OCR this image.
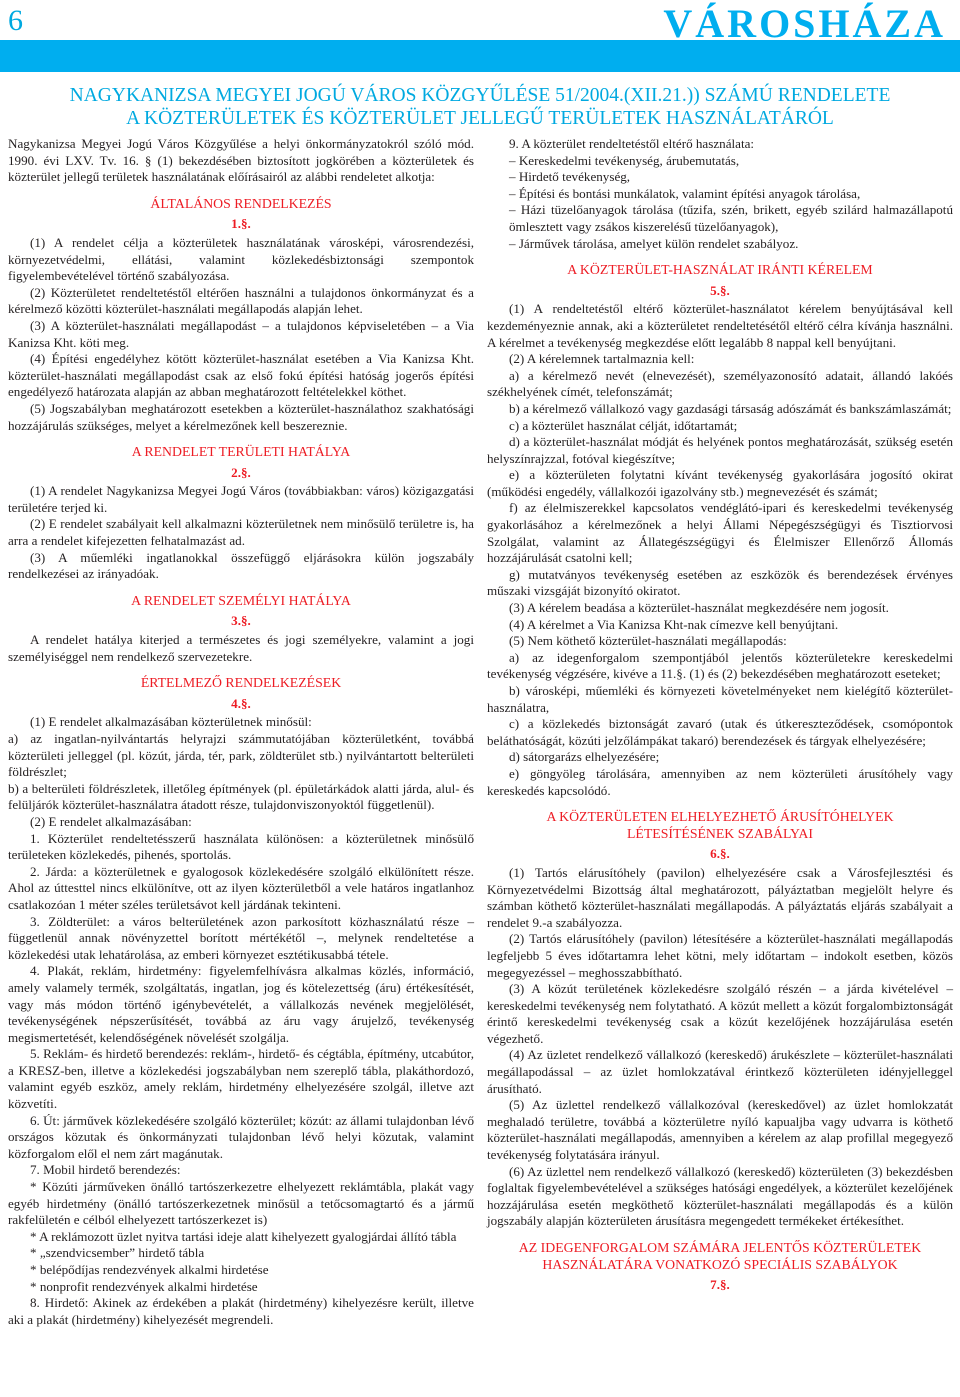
6	VÁROSHÁZA
NAGYKANIZSA MEGYEI JOGÚ VÁROS KÖZGYŰLÉSE 51/2004.(XII.21.)) SZÁMÚ RENDELETE
A KÖZTERÜLETEK ÉS KÖZTERÜLET JELLEGŰ TERÜLETEK HASZNÁLATÁRÓL

Nagykanizsa Megyei Jogú Város Közgyűlése a helyi önkormányzatokról szóló mód. 1990. évi LXV. Tv. 16. § (1) bekezdésében biztosított jogkörében a közterületek és közterület jellegű területek használatának előírásairól az alábbi rendeletet alkotja:

ÁLTALÁNOS RENDELKEZÉS
1.§.

(1) A rendelet célja a közterületek használatának városképi, városrendezési, környezetvédelmi, ellátási, valamint közlekedésbiztonsági szempontok figyelembevételével történő szabályozása.

(2) Közterületet rendeltetéstől eltérően használni a tulajdonos önkormányzat és a kérelmező közötti közterület-használati megállapodás alapján lehet.

(3) A közterület-használati megállapodást – a tulajdonos képviseletében – a Via Kanizsa Kht. köti meg.

(4) Építési engedélyhez kötött közterület-használat esetében a Via Kanizsa Kht. közterület-használati megállapodást csak az első fokú építési hatóság jogerős építési engedélyező határozata alapján az abban meghatározott feltételekkel köthet.

(5) Jogszabályban meghatározott esetekben a közterület-használathoz szakhatósági hozzájárulás szükséges, melyet a kérelmezőnek kell beszereznie.

A RENDELET TERÜLETI HATÁLYA
2.§.

(1) A rendelet Nagykanizsa Megyei Jogú Város (továbbiakban: város) közigazgatási területére terjed ki.

(2) E rendelet szabályait kell alkalmazni közterületnek nem minősülő területre is, ha arra a rendelet kifejezetten felhatalmazást ad.

(3) A műemléki ingatlanokkal összefüggő eljárásokra külön jogszabály rendelkezései az irányadóak.

A RENDELET SZEMÉLYI HATÁLYA
3.§.

A rendelet hatálya kiterjed a természetes és jogi személyekre, valamint a jogi személyiséggel nem rendelkező szervezetekre.

ÉRTELMEZŐ RENDELKEZÉSEK
4.§.

(1) E rendelet alkalmazásában közterületnek minősül:

a) az ingatlan-nyilvántartás helyrajzi számmutatójában közterületként, továbbá közterületi jelleggel (pl. közút, járda, tér, park, zöldterület stb.) nyilvántartott belterületi földrészlet;

b) a belterületi földrészletek, illetőleg építmények (pl. épületárkádok alatti járda, alul- és felüljárók közterület-használatra átadott része, tulajdonviszonyoktól függetlenül).

(2) E rendelet alkalmazásában:

1. Közterület rendeltetésszerű használata különösen: a közterületnek minősülő területeken közlekedés, pihenés, sportolás.

2. Járda: a közterületnek e gyalogosok közlekedésére szolgáló elkülönített része. Ahol az úttesttel nincs elkülönítve, ott az ilyen közterületből a vele határos ingatlanhoz csatlakozóan 1 méter széles területsávot kell járdának tekinteni.

3. Zöldterület: a város belterületének azon parkosított közhasználatú része – függetlenül annak növényzettel borított mértékétől –, melynek rendeltetése a közlekedési utak lehatárolása, az emberi környezet esztétikusabbá tétele.

4. Plakát, reklám, hirdetmény: figyelemfelhívásra alkalmas közlés, információ, amely valamely termék, szolgáltatás, ingatlan, jog és kötelezettség (áru) értékesítését, vagy más módon történő igénybevételét, a vállalkozás nevének megjelölését, tevékenységének népszerűsítését, továbbá az áru vagy árujelző, tevékenység megismertetését, kelendőségének növelését szolgálja.

5. Reklám- és hirdető berendezés: reklám-, hirdető- és cégtábla, építmény, utcabútor, a KRESZ-ben, illetve a közlekedési jogszabályban nem szereplő tábla, plakáthordozó, valamint egyéb eszköz, amely reklám, hirdetmény elhelyezésére szolgál, illetve azt közvetíti.

6. Út: járművek közlekedésére szolgáló közterület; közút: az állami tulajdonban lévő országos közutak és önkormányzati tulajdonban lévő helyi közutak, valamint közforgalom elől el nem zárt magánutak.

7. Mobil hirdető berendezés:

* Közúti járműveken önálló tartószerkezetre elhelyezett reklámtábla, plakát vagy egyéb hirdetmény (önálló tartószerkezetnek minősül a tetőcsomagtartó és a jármű rakfelületén e célból elhelyezett tartószerkezet is)

* A reklámozott üzlet nyitva tartási ideje alatt kihelyezett gyalogjárdai állító tábla

* „szendvicsember” hirdető tábla

* belépődíjas rendezvények alkalmi hirdetése

* nonprofit rendezvények alkalmi hirdetése

8. Hirdető: Akinek az érdekében a plakát (hirdetmény) kihelyezésre került, illetve aki a plakát (hirdetmény) kihelyezését megrendeli.

9. A közterület rendeltetéstől eltérő használata:

– Kereskedelmi tevékenység, árubemutatás,

– Hirdető tevékenység,

– Építési és bontási munkálatok, valamint építési anyagok tárolása,

– Házi tüzelőanyagok tárolása (tűzifa, szén, brikett, egyéb szilárd halmazállapotú ömlesztett vagy zsákos kiszerelésű tüzelőanyagok),

– Járművek tárolása, amelyet külön rendelet szabályoz.

A KÖZTERÜLET-HASZNÁLAT IRÁNTI KÉRELEM
5.§.

(1) A rendeltetéstől eltérő közterület-használatot kérelem benyújtásával kell kezdeményeznie annak, aki a közterületet rendeltetésétől eltérő célra kívánja használni. A kérelmet a tevékenység megkezdése előtt legalább 8 nappal kell benyújtani.

(2) A kérelemnek tartalmaznia kell:

a) a kérelmező nevét (elnevezését), személyazonosító adatait, állandó lakóés székhelyének címét, telefonszámát;

b) a kérelmező vállalkozó vagy gazdasági társaság adószámát és bankszámlaszámát;

c) a közterület használat célját, időtartamát;

d) a közterület-használat módját és helyének pontos meghatározását, szükség esetén helyszínrajzzal, fotóval kiegészítve;

e) a közterületen folytatni kívánt tevékenység gyakorlására jogosító okirat (működési engedély, vállalkozói igazolvány stb.) megnevezését és számát;

f) az élelmiszerekkel kapcsolatos vendéglátó-ipari és kereskedelmi tevékenység gyakorlásához a kérelmezőnek a helyi Állami Népegészségügyi és Tisztiorvosi Szolgálat, valamint az Állategészségügyi és Élelmiszer Ellenőrző Állomás hozzájárulását csatolni kell;

g) mutatványos tevékenység esetében az eszközök és berendezések érvényes műszaki vizsgáját bizonyító okiratot.

(3) A kérelem beadása a közterület-használat megkezdésére nem jogosít.

(4) A kérelmet a Via Kanizsa Kht-nak címezve kell benyújtani.

(5) Nem köthető közterület-használati megállapodás:

a) az idegenforgalom szempontjából jelentős közterületekre kereskedelmi tevékenység végzésére, kivéve a 11.§. (1) és (2) bekezdésében meghatározott eseteket;

b) városképi, műemléki és környezeti követelményeket nem kielégítő közterület-használatra,

c) a közlekedés biztonságát zavaró (utak és útkereszteződések, csomópontok beláthatóságát, közúti jelzőlámpákat takaró) berendezések és tárgyak elhelyezésére;

d) sátorgarázs elhelyezésére;

e) göngyöleg tárolására, amennyiben az nem közterületi árusítóhely vagy kereskedés kapcsolódó.

A KÖZTERÜLETEN ELHELYEZHETŐ ÁRUSÍTÓHELYEK
LÉTESÍTÉSÉNEK SZABÁLYAI
6.§.

(1) Tartós elárusítóhely (pavilon) elhelyezésére csak a Városfejlesztési és Környezetvédelmi Bizottság által meghatározott, pályáztatban megjelölt helyre és számban köthető közterület-használati megállapodás. A pályáztatás eljárás szabályait a rendelet 9.-a szabályozza.

(2) Tartós elárusítóhely (pavilon) létesítésére a közterület-használati megállapodás legfeljebb 5 éves időtartamra lehet kötni, mely időtartam – indokolt esetben, közös megegyezéssel – meghosszabbítható.

(3) A közút területének közlekedésre szolgáló részén – a járda kivételével – kereskedelmi tevékenység nem folytatható. A közút mellett a közút forgalombiztonságát érintő kereskedelmi tevékenység csak a közút kezelőjének hozzájárulása esetén végezhető.

(4) Az üzletet rendelkező vállalkozó (kereskedő) árukészlete – közterület-használati megállapodással – az üzlet homlokzatával érintkező közterületen idényjelleggel árusítható.

(5) Az üzlettel rendelkező vállalkozóval (kereskedővel) az üzlet homlokzatát meghaladó területre, továbbá a közterületre nyíló kapualjba vagy udvarra is köthető közterület-használati megállapodás, amennyiben a kérelem az alap profillal megegyező tevékenység folytatására irányul.

(6) Az üzlettel nem rendelkező vállalkozó (kereskedő) közterületen (3) bekezdésben foglaltak figyelembevételével a szükséges hatósági engedélyek, a közterület kezelőjének hozzájárulása esetén megköthető közterület-használati megállapodás és a külön jogszabály alapján közterületen árusításra megengedett termékeket értékesíthet.

AZ IDEGENFORGALOM SZÁMÁRA JELENTŐS KÖZTERÜLETEK
HASZNÁLATÁRA VONATKOZÓ SPECIÁLIS SZABÁLYOK
7.§.
